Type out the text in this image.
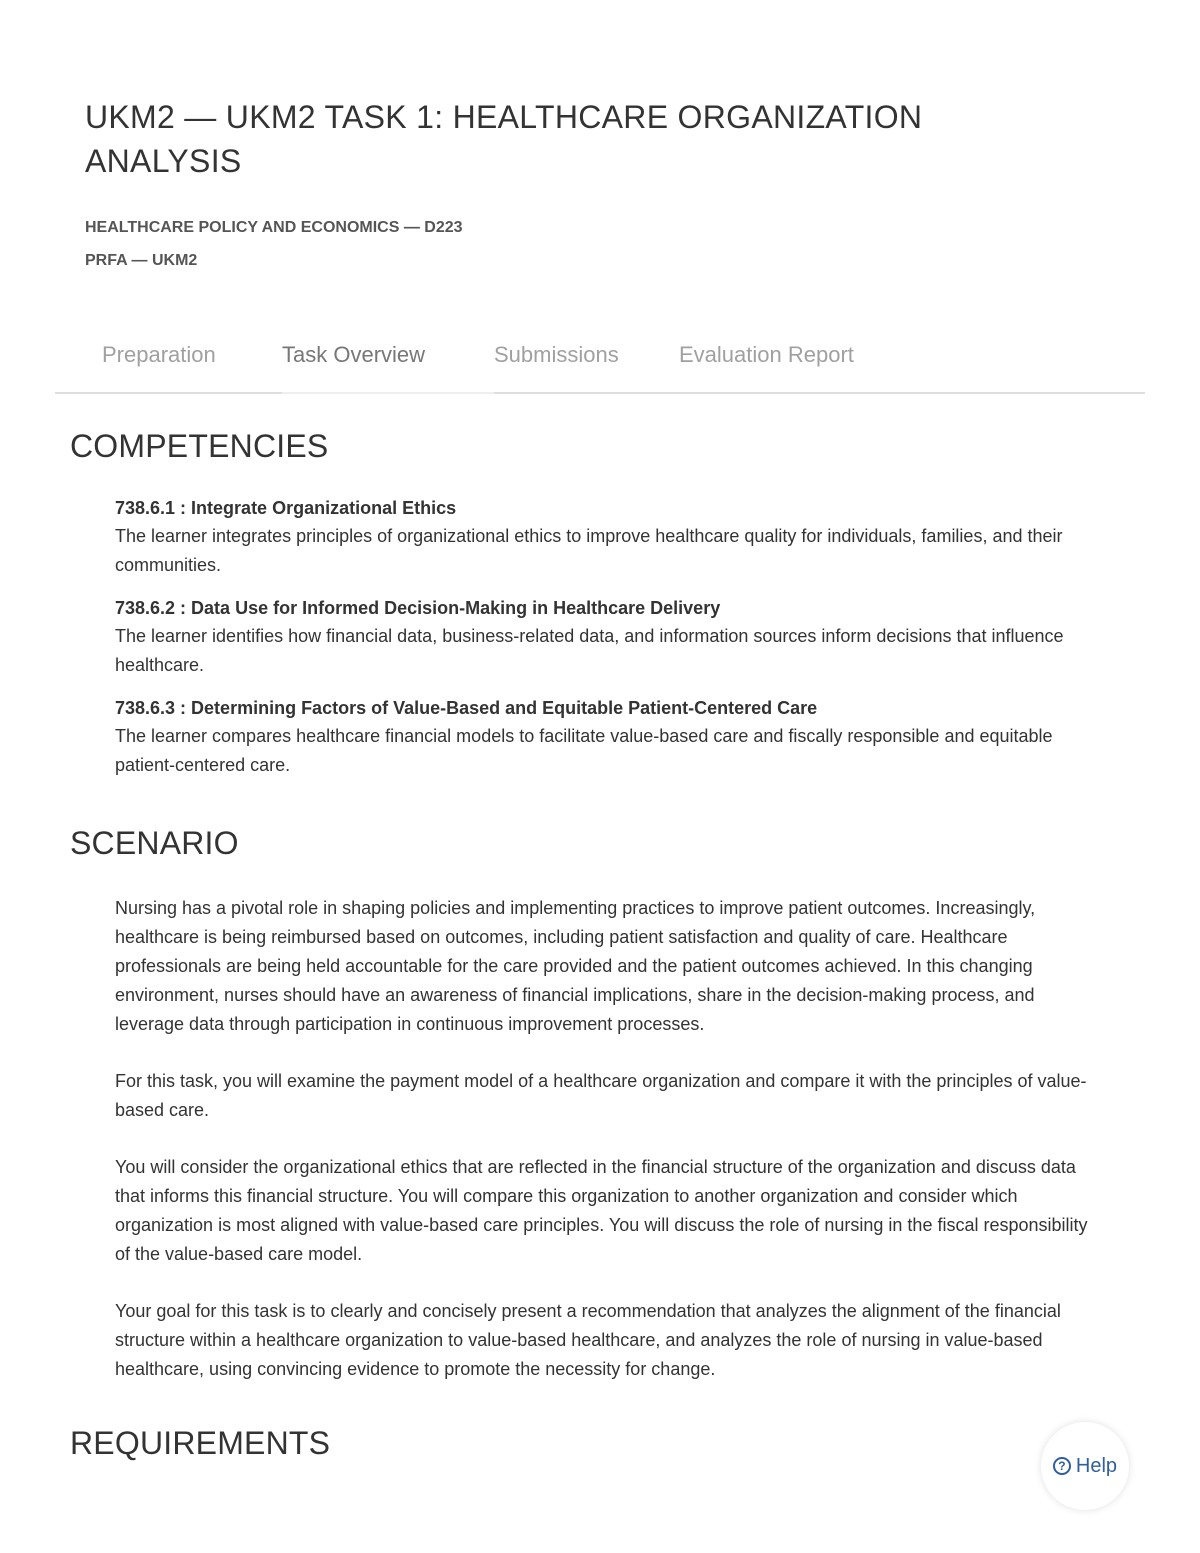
UKM2 — UKM2 TASK 1: HEALTHCARE ORGANIZATION ANALYSIS

HEALTHCARE POLICY AND ECONOMICS — D223

PRFA — UKM2

Preparation	Task Overview	Submissions	Evaluation Report
COMPETENCIES
738.6.1 : Integrate Organizational Ethics
The learner integrates principles of organizational ethics to improve healthcare quality for individuals, families, and their communities.
738.6.2 : Data Use for Informed Decision-Making in Healthcare Delivery
The learner identifies how financial data, business-related data, and information sources inform decisions that influence healthcare.
738.6.3 : Determining Factors of Value-Based and Equitable Patient-Centered Care
The learner compares healthcare financial models to facilitate value-based care and fiscally responsible and equitable patient-centered care.
SCENARIO

Nursing has a pivotal role in shaping policies and implementing practices to improve patient outcomes. Increasingly, healthcare is being reimbursed based on outcomes, including patient satisfaction and quality of care. Healthcare professionals are being held accountable for the care provided and the patient outcomes achieved. In this changing environment, nurses should have an awareness of financial implications, share in the decision-making process, and leverage data through participation in continuous improvement processes.

For this task, you will examine the payment model of a healthcare organization and compare it with the principles of value-based care.

You will consider the organizational ethics that are reflected in the financial structure of the organization and discuss data that informs this financial structure. You will compare this organization to another organization and consider which organization is most aligned with value-based care principles. You will discuss the role of nursing in the fiscal responsibility of the value-based care model.

Your goal for this task is to clearly and concisely present a recommendation that analyzes the alignment of the financial structure within a healthcare organization to value-based healthcare, and analyzes the role of nursing in value-based healthcare, using convincing evidence to promote the necessity for change.

REQUIREMENTS
? Help
